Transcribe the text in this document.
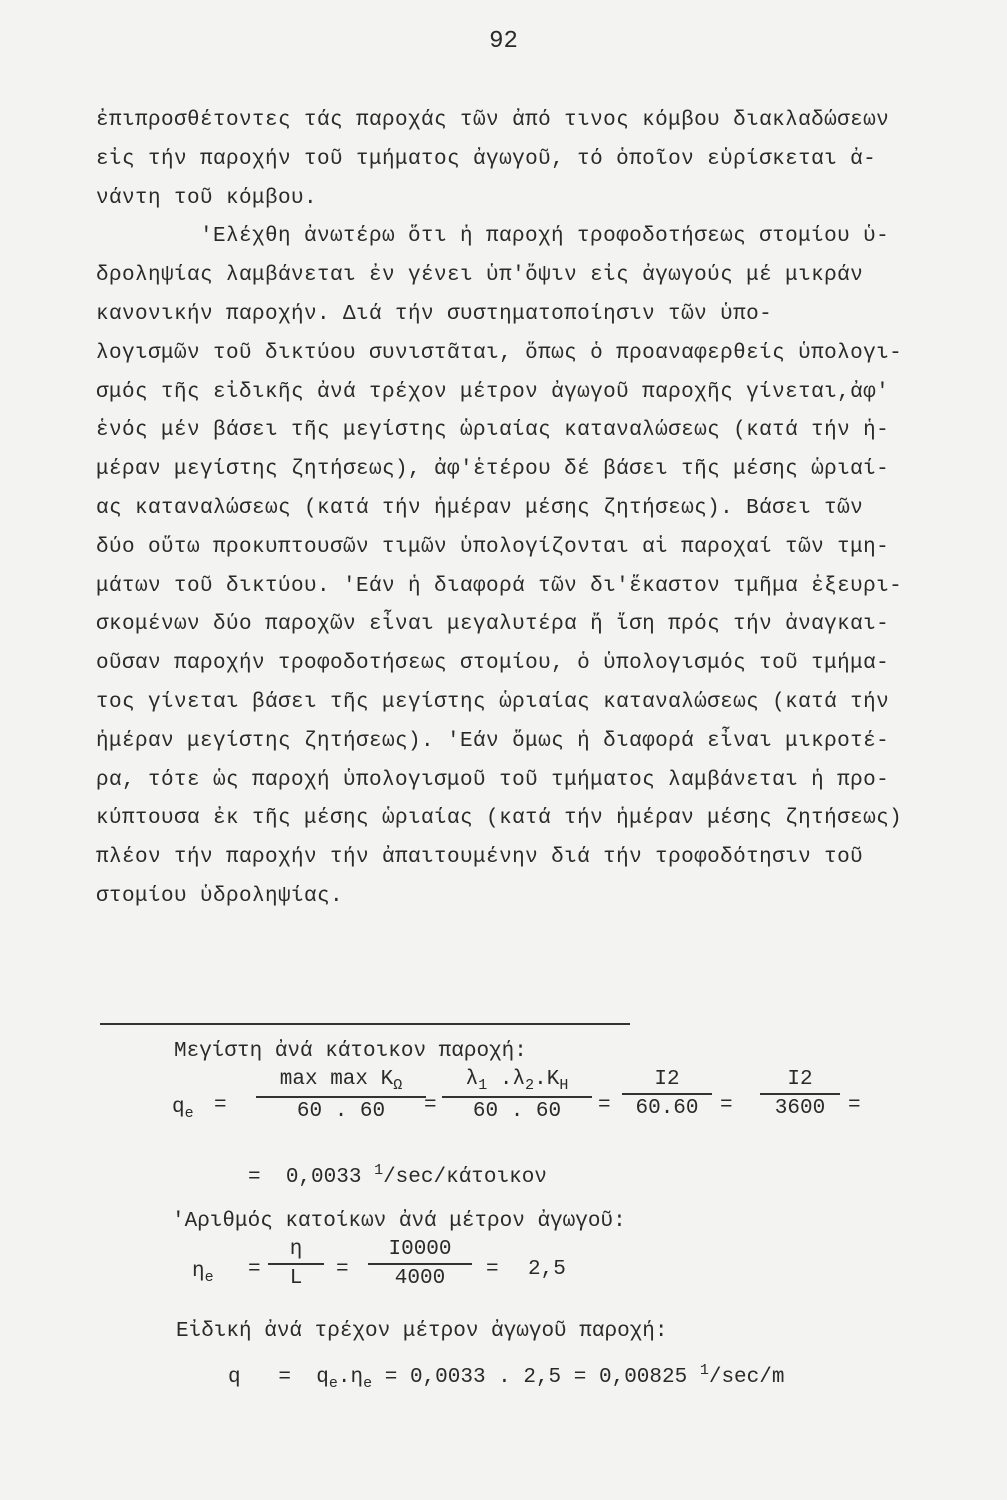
92
ἐπιπροσθέτοντες τάς παροχάς τῶν ἀπό τινος κόμβου διακλαδώσεων
εἰς τήν παροχήν τοῦ τμήματος ἀγωγοῦ, τό ὁποῖον εὑρίσκεται ἀ-
νάντη τοῦ κόμβου.
'Ελέχθη ἀνωτέρω ὅτι ἡ παροχή τροφοδοτήσεως στομίου ὑ-
δροληψίας λαμβάνεται ἐν γένει ὑπ'ὄψιν εἰς ἀγωγούς μέ μικράν
κανονικήν παροχήν. Διά τήν συστηματοποίησιν τῶν ὑπο-
λογισμῶν τοῦ δικτύου συνιστᾶται, ὅπως ὁ προαναφερθείς ὑπολογι-
σμός τῆς εἰδικῆς ἀνά τρέχον μέτρον ἀγωγοῦ παροχῆς γίνεται,ἀφ'
ἑνός μέν βάσει τῆς μεγίστης ὡριαίας καταναλώσεως (κατά τήν ἡ-
μέραν μεγίστης ζητήσεως), ἀφ'ἑτέρου δέ βάσει τῆς μέσης ὡριαί-
ας καταναλώσεως (κατά τήν ἡμέραν μέσης ζητήσεως). Βάσει τῶν
δύο οὕτω προκυπτουσῶν τιμῶν ὑπολογίζονται αἱ παροχαί τῶν τμη-
μάτων τοῦ δικτύου. 'Εάν ἡ διαφορά τῶν δι'ἕκαστον τμῆμα ἐξευρι-
σκομένων δύο παροχῶν εἶναι μεγαλυτέρα ἤ ἴση πρός τήν ἀναγκαι-
οῦσαν παροχήν τροφοδοτήσεως στομίου, ὁ ὑπολογισμός τοῦ τμήμα-
τος γίνεται βάσει τῆς μεγίστης ὡριαίας καταναλώσεως (κατά τήν
ἡμέραν μεγίστης ζητήσεως). 'Εάν ὅμως ἡ διαφορά εἶναι μικροτέ-
ρα, τότε ὡς παροχή ὑπολογισμοῦ τοῦ τμήματος λαμβάνεται ἡ προ-
κύπτουσα ἐκ τῆς μέσης ὡριαίας (κατά τήν ἡμέραν μέσης ζητήσεως)
πλέον τήν παροχήν τήν ἀπαιτουμένην διά τήν τροφοδότησιν τοῦ
στομίου ὑδροληψίας.
Μεγίστη ἀνά κάτοικον παροχή:
$q_e$ =
$\max \max K_\Omega$
60 . 60	= $\frac{\lambda_1 .\lambda_2.K_H}{60 . 60} = \frac{I2}{60.60} = \frac{I2}{3600}$ =
= 0,0033 $^1$/sec/κάτοικον
'Αριθμός κατοίκων ἀνά μέτρον ἀγωγοῦ:
$\eta_e = \frac{\eta}{L} = \frac{I0000}{4000} = 2,5$
Εἰδική ἀνά τρέχον μέτρον ἀγωγοῦ παροχή:
$q = q_e.\eta_e = 0,0033$ . 2,5 = 0,00825 $^1$/sec/m
